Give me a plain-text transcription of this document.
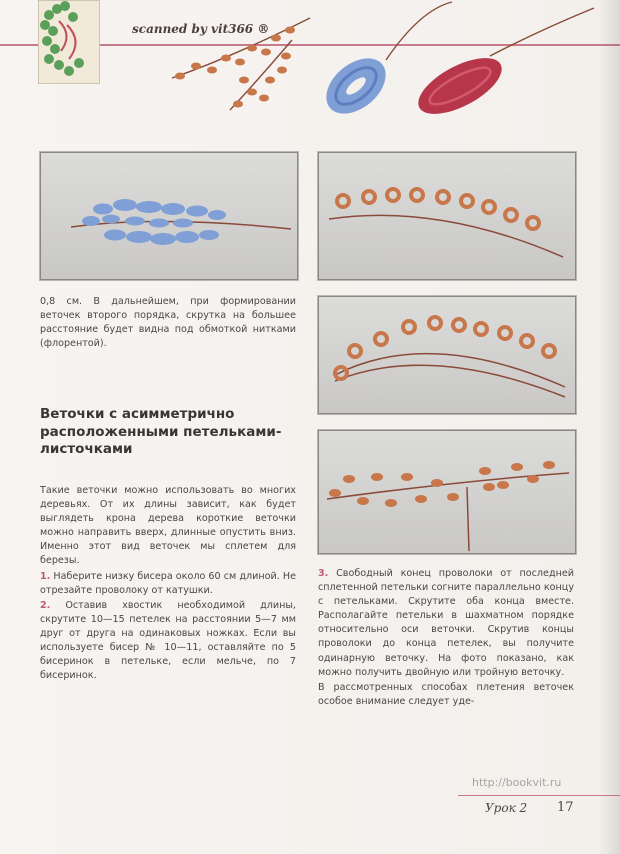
scanned by vit366 ®

0,8 см. В дальнейшем, при формировании веточек второго порядка, скрутка на большее расстояние будет видна под обмоткой нитками (флорентой).

Веточки с асимметрично расположенными петельками-листочками

Такие веточки можно использовать во многих деревьях. От их длины зависит, как будет выглядеть крона дерева короткие веточки можно направить вверх, длинные опустить вниз. Именно этот вид веточек мы сплетем для березы.

1. Наберите низку бисера около 60 см длиной. Не отрезайте проволоку от катушки.

2. Оставив хвостик необходимой длины, скрутите 10—15 петелек на расстоянии 5—7 мм друг от друга на одинаковых ножках. Если вы используете бисер № 10—11, оставляйте по 5 бисеринок в петельке, если мельче, по 7 бисеринок.

3. Свободный конец проволоки от последней сплетенной петельки согните параллельно концу с петельками. Скрутите оба конца вместе. Располагайте петельки в шахматном порядке относительно оси веточки. Скрутив концы проволоки до конца петелек, вы получите одинарную веточку. На фото показано, как можно получить двойную или тройную веточку.

В рассмотренных способах плетения веточек особое внимание следует уде-

http://bookvit.ru
Урок 2 17
